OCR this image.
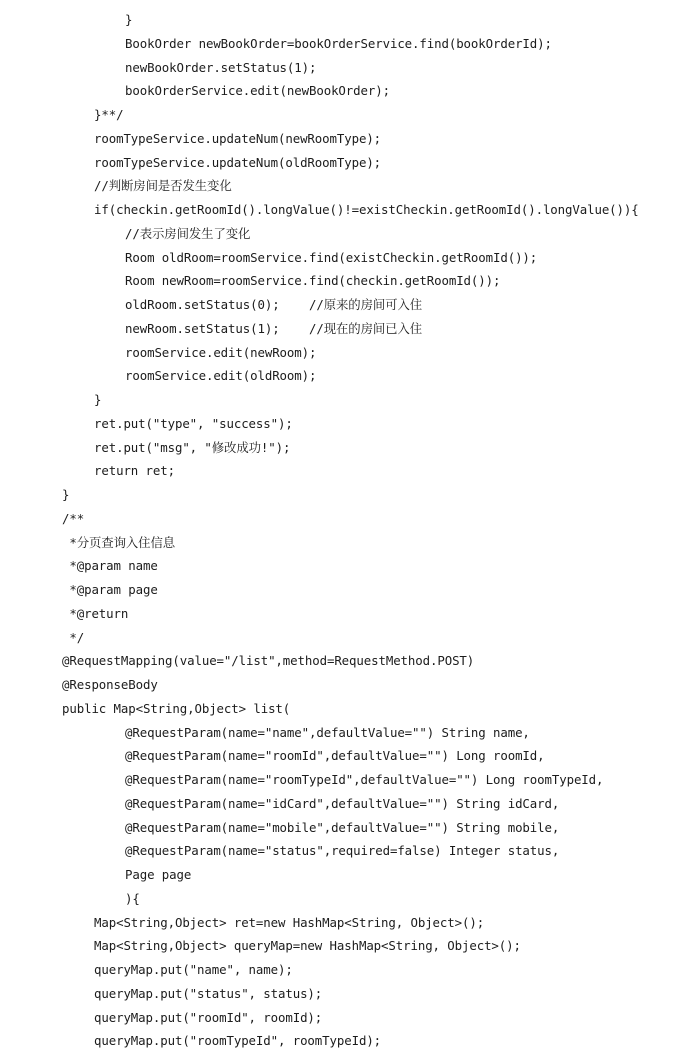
}
BookOrder newBookOrder=bookOrderService.find(bookOrderId);
newBookOrder.setStatus(1);
bookOrderService.edit(newBookOrder);
}**/
roomTypeService.updateNum(newRoomType);
roomTypeService.updateNum(oldRoomType);
//判断房间是否发生变化
if(checkin.getRoomId().longValue()!=existCheckin.getRoomId().longValue()){
//表示房间发生了变化
Room oldRoom=roomService.find(existCheckin.getRoomId());
Room newRoom=roomService.find(checkin.getRoomId());
oldRoom.setStatus(0);    //原来的房间可入住
newRoom.setStatus(1);    //现在的房间已入住
roomService.edit(newRoom);
roomService.edit(oldRoom);
}
ret.put("type", "success");
ret.put("msg", "修改成功!");
return ret;
}
/**
*分页查询入住信息
*@param name
*@param page
*@return
*/
@RequestMapping(value="/list",method=RequestMethod.POST)
@ResponseBody
public Map<String,Object> list(
@RequestParam(name="name",defaultValue="") String name,
@RequestParam(name="roomId",defaultValue="") Long roomId,
@RequestParam(name="roomTypeId",defaultValue="") Long roomTypeId,
@RequestParam(name="idCard",defaultValue="") String idCard,
@RequestParam(name="mobile",defaultValue="") String mobile,
@RequestParam(name="status",required=false) Integer status,
Page page
){
Map<String,Object> ret=new HashMap<String, Object>();
Map<String,Object> queryMap=new HashMap<String, Object>();
queryMap.put("name", name);
queryMap.put("status", status);
queryMap.put("roomId", roomId);
queryMap.put("roomTypeId", roomTypeId);
